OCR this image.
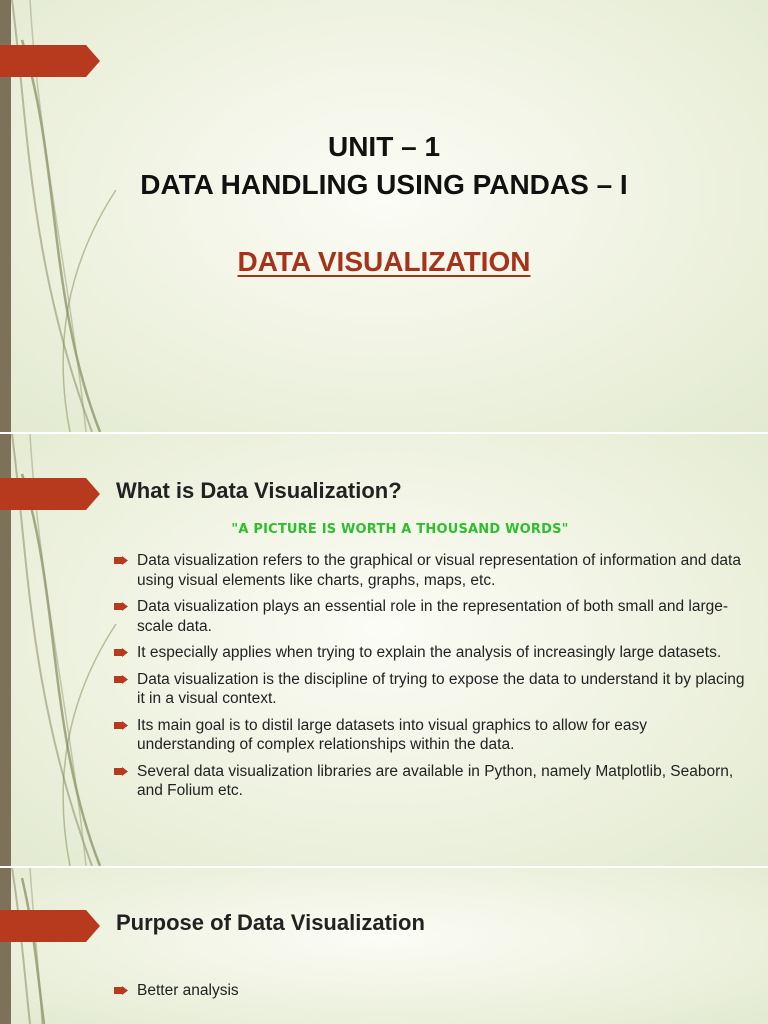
UNIT – 1
DATA HANDLING USING PANDAS – I
DATA VISUALIZATION
What is Data Visualization?
"A PICTURE IS WORTH A THOUSAND WORDS"
Data visualization refers to the graphical or visual representation of information and data using visual elements like charts, graphs, maps, etc.
Data visualization plays an essential role in the representation of both small and large-scale data.
It especially applies when trying to explain the analysis of increasingly large datasets.
Data visualization is the discipline of trying to expose the data to understand it by placing it in a visual context.
Its main goal is to distil large datasets into visual graphics to allow for easy understanding of complex relationships within the data.
Several data visualization libraries are available in Python, namely Matplotlib, Seaborn, and Folium etc.
Purpose of Data Visualization
Better analysis
